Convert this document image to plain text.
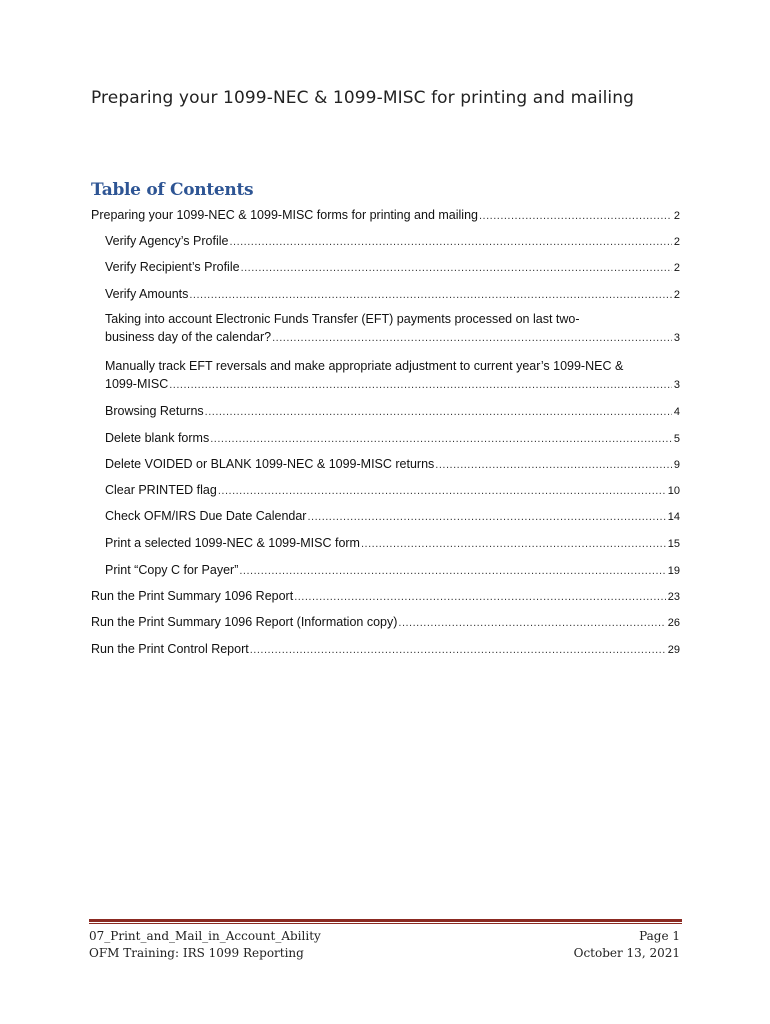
Preparing your 1099-NEC & 1099-MISC for printing and mailing
Table of Contents
Preparing your 1099-NEC & 1099-MISC forms for printing and mailing .....	2
Verify Agency’s Profile .....	2
Verify Recipient’s Profile .....	2
Verify Amounts .....	2
Taking into account Electronic Funds Transfer (EFT) payments processed on last two-
business day of the calendar? .....	3
Manually track EFT reversals and make appropriate adjustment to current year’s 1099-NEC &
1099-MISC .....	3
Browsing Returns .....	4
Delete blank forms .....	5
Delete VOIDED or BLANK 1099-NEC & 1099-MISC returns .....	9
Clear PRINTED flag .....	10
Check OFM/IRS Due Date Calendar .....	14
Print a selected 1099-NEC & 1099-MISC form .....	15
Print “Copy C for Payer” .....	19
Run the Print Summary 1096 Report .....	23
Run the Print Summary 1096 Report (Information copy) .....	26
Run the Print Control Report .....	29
07_Print_and_Mail_in_Account_Ability
OFM Training: IRS 1099 Reporting
Page 1
October 13, 2021
